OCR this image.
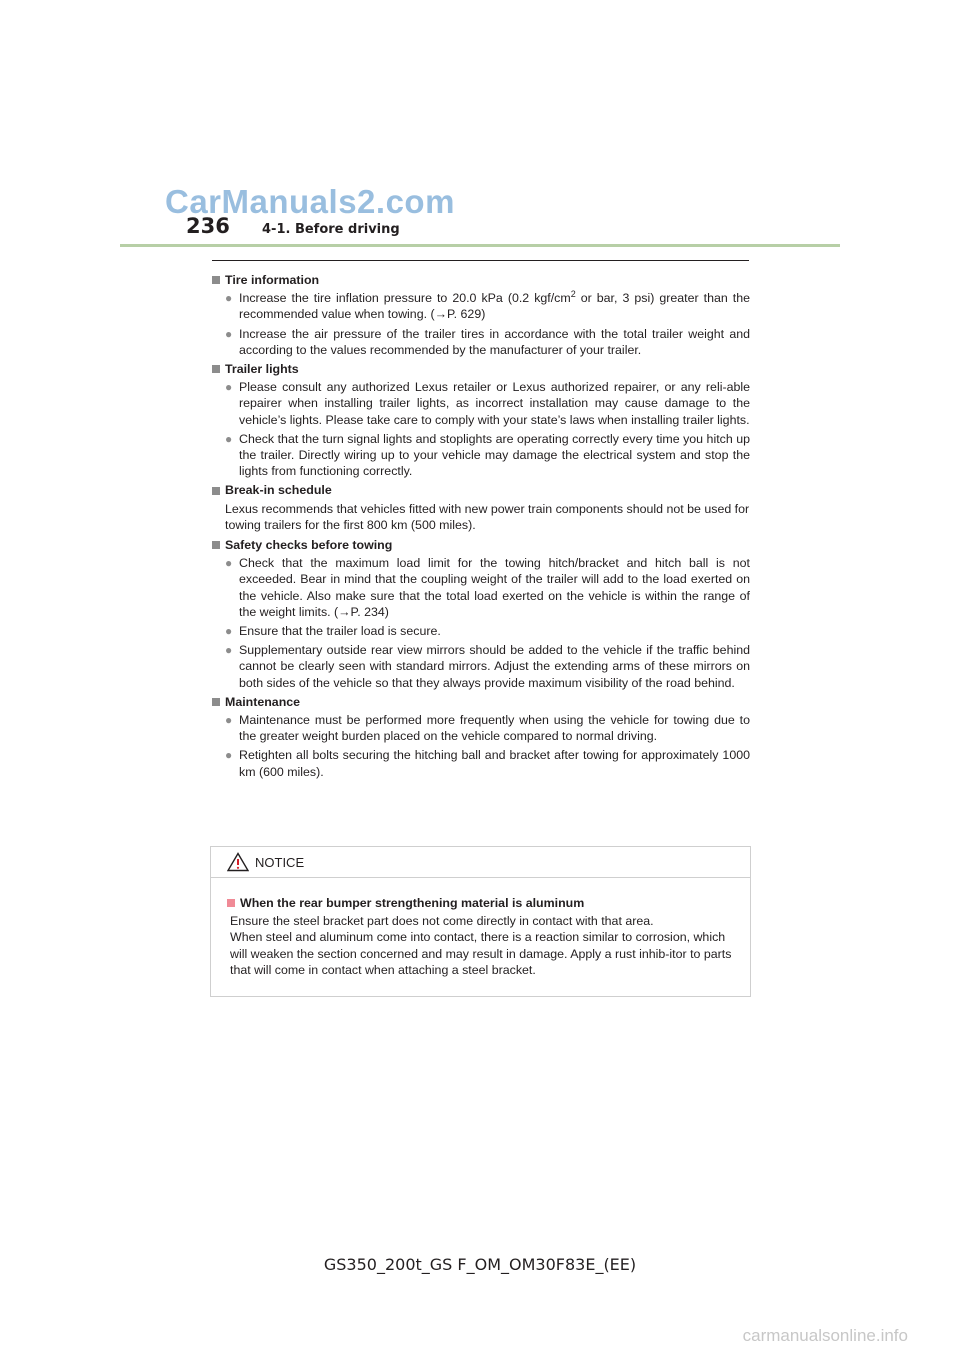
CarManuals2.com
236 4-1. Before driving
Tire information
● Increase the tire inflation pressure to 20.0 kPa (0.2 kgf/$cm^2$ or bar, 3 psi) greater than the recommended value when towing. (→P. 629)
● Increase the air pressure of the trailer tires in accordance with the total trailer weight and according to the values recommended by the manufacturer of your trailer.
Trailer lights
● Please consult any authorized Lexus retailer or Lexus authorized repairer, or any reli-able repairer when installing trailer lights, as incorrect installation may cause damage to the vehicle’s lights. Please take care to comply with your state’s laws when installing trailer lights.
● Check that the turn signal lights and stoplights are operating correctly every time you hitch up the trailer. Directly wiring up to your vehicle may damage the electrical system and stop the lights from functioning correctly.
Break-in schedule
Lexus recommends that vehicles fitted with new power train components should not be used for towing trailers for the first 800 km (500 miles).
Safety checks before towing
● Check that the maximum load limit for the towing hitch/bracket and hitch ball is not exceeded. Bear in mind that the coupling weight of the trailer will add to the load exerted on the vehicle. Also make sure that the total load exerted on the vehicle is within the range of the weight limits. (→P. 234)
● Ensure that the trailer load is secure.
● Supplementary outside rear view mirrors should be added to the vehicle if the traffic behind cannot be clearly seen with standard mirrors. Adjust the extending arms of these mirrors on both sides of the vehicle so that they always provide maximum visibility of the road behind.
Maintenance
● Maintenance must be performed more frequently when using the vehicle for towing due to the greater weight burden placed on the vehicle compared to normal driving.
● Retighten all bolts securing the hitching ball and bracket after towing for approximately 1000 km (600 miles).
NOTICE
When the rear bumper strengthening material is aluminum
Ensure the steel bracket part does not come directly in contact with that area.
When steel and aluminum come into contact, there is a reaction similar to corrosion, which will weaken the section concerned and may result in damage. Apply a rust inhib-itor to parts that will come in contact when attaching a steel bracket.
GS350_200t_GS F_OM_OM30F83E_(EE)
carmanualsonline.info
